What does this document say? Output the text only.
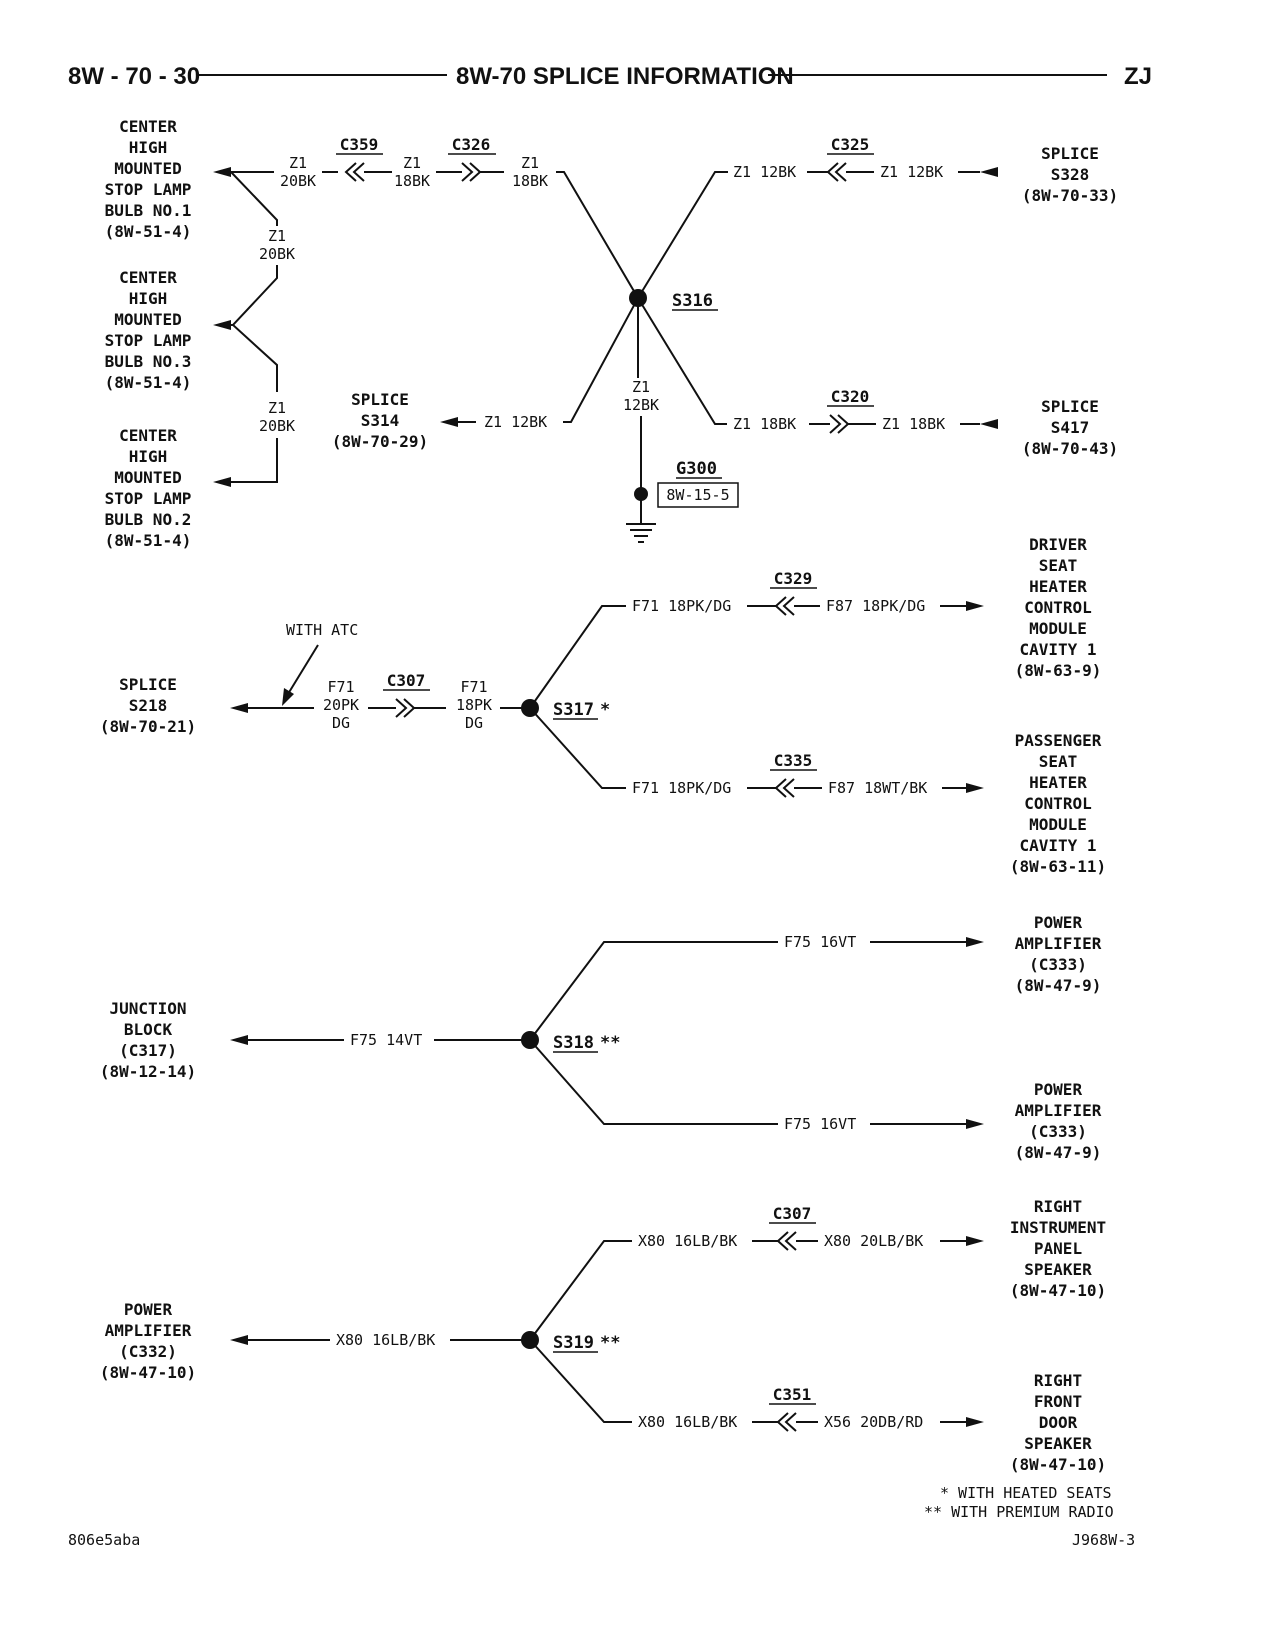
8W - 70 - 30	8W-70 SPLICE INFORMATION	ZJ
CENTER
HIGH
MOUNTED
STOP LAMP
BULB NO.1
(8W-51-4)
CENTER
HIGH
MOUNTED
STOP LAMP
BULB NO.3
(8W-51-4)
CENTER
HIGH
MOUNTED
STOP LAMP
BULB NO.2
(8W-51-4)
Z1
20BK
C359
Z1
18BK
C326
Z1
18BK
Z1
20BK
Z1
20BK
S316
Z1 12BK
C325
Z1 12BK
SPLICE
S328
(8W-70-33)
Z1 12BK
SPLICE
S314
(8W-70-29)
Z1
12BK
G300
8W-15-5
Z1 18BK
C320
Z1 18BK
SPLICE
S417
(8W-70-43)
SPLICE
S218
(8W-70-21)
WITH ATC
F71
20PK
DG
C307 F71
18PK
DG
S317 *
F71 18PK/DG
C329
F87 18PK/DG
DRIVER
SEAT
HEATER
CONTROL
MODULE
CAVITY 1
(8W-63-9)
F71 18PK/DG
C335
F87 18WT/BK
PASSENGER
SEAT
HEATER
CONTROL
MODULE
CAVITY 1
(8W-63-11)
JUNCTION
BLOCK
(C317)
(8W-12-14)
F75 14VT	S318 **
F75 16VT
POWER
AMPLIFIER
(C333)
(8W-47-9)
F75 16VT
POWER
AMPLIFIER
(C333)
(8W-47-9)
POWER
AMPLIFIER
(C332)
(8W-47-10)
X80 16LB/BK	S319 **
X80 16LB/BK
C307
X80 20LB/BK
RIGHT
INSTRUMENT
PANEL
SPEAKER
(8W-47-10)
X80 16LB/BK
C351
X56 20DB/RD
RIGHT
FRONT
DOOR
SPEAKER
(8W-47-10)
* WITH HEATED SEATS
** WITH PREMIUM RADIO
806e5aba	J968W-3
